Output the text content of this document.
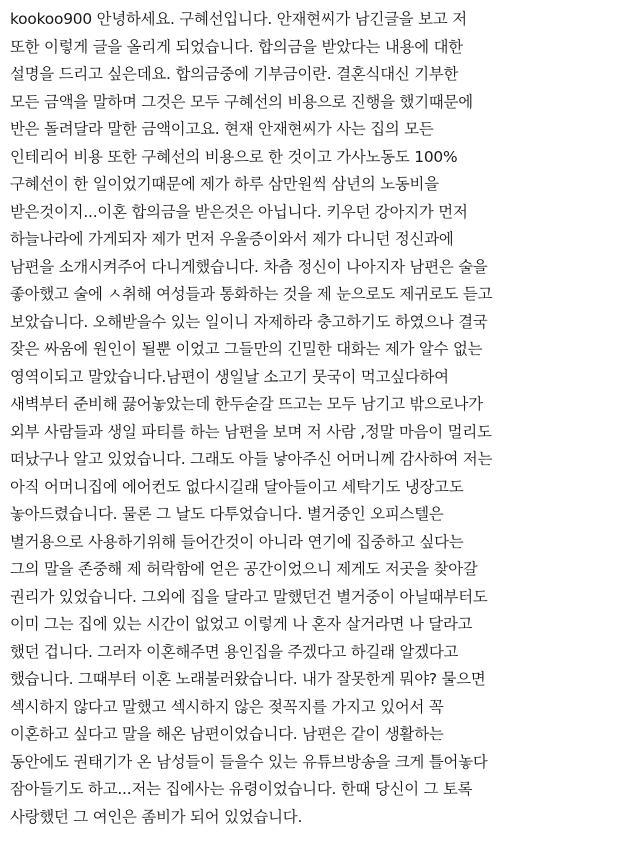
kookoo900 안녕하세요. 구혜선입니다. 안재현씨가 남긴글을 보고 저
또한 이렇게 글을 올리게 되었습니다. 합의금을 받았다는 내용에 대한
설명을 드리고 싶은데요. 합의금중에 기부금이란. 결혼식대신 기부한
모든 금액을 말하며 그것은 모두 구혜선의 비용으로 진행을 했기때문에
반은 돌려달라 말한 금액이고요. 현재 안재현씨가 사는 집의 모든
인테리어 비용 또한 구혜선의 비용으로 한 것이고 가사노동도 100%
구혜선이 한 일이었기때문에 제가 하루 삼만원씩 삼년의 노동비을
받은것이지...이혼 합의금을 받은것은 아닙니다. 키우던 강아지가 먼저
하늘나라에 가게되자 제가 먼저 우울증이와서 제가 다니던 정신과에
남편을 소개시켜주어 다니게했습니다. 차츰 정신이 나아지자 남편은 술을
좋아했고 술에 ㅅ취해 여성들과 통화하는 것을 제 눈으로도 제귀로도 듣고
보았습니다. 오해받을수 있는 일이니 자제하라 충고하기도 하였으나 결국
잦은 싸움에 원인이 될뿐 이었고 그들만의 긴밀한 대화는 제가 알수 없는
영역이되고 말았습니다.남편이 생일날 소고기 뭇국이 먹고싶다하여
새벽부터 준비해 끓어놓았는데 한두숟갈 뜨고는 모두 남기고 밖으로나가
외부 사람들과 생일 파티를 하는 남편을 보며 저 사람 ,정말 마음이 멀리도
떠났구나 알고 있었습니다. 그래도 아들 낳아주신 어머니께 감사하여 저는
아직 어머니집에 에어컨도 없다시길래 달아들이고 세탁기도 냉장고도
놓아드렸습니다. 물론 그 날도 다투었습니다. 별거중인 오피스텔은
별거용으로 사용하기위해 들어간것이 아니라 연기에 집중하고 싶다는
그의 말을 존중해 제 허락함에 얻은 공간이었으니 제게도 저곳을 찾아갈
권리가 있었습니다. 그외에 집을 달라고 말했던건 별거중이 아닐때부터도
이미 그는 집에 있는 시간이 없었고 이렇게 나 혼자 살거라면 나 달라고
했던 겁니다. 그러자 이혼해주면 용인집을 주겠다고 하길래 알겠다고
했습니다. 그때부터 이혼 노래불러왔습니다. 내가 잘못한게 뭐야? 물으면
섹시하지 않다고 말했고 섹시하지 않은 젖꼭지를 가지고 있어서 꼭
이혼하고 싶다고 말을 해온 남편이었습니다. 남편은 같이 생활하는
동안에도 권태기가 온 남성들이 들을수 있는 유튜브방송을 크게 틀어놓다
잠아들기도 하고...저는 집에사는 유령이었습니다. 한때 당신이 그 토록
사랑했던 그 여인은 좀비가 되어 있었습니다.
